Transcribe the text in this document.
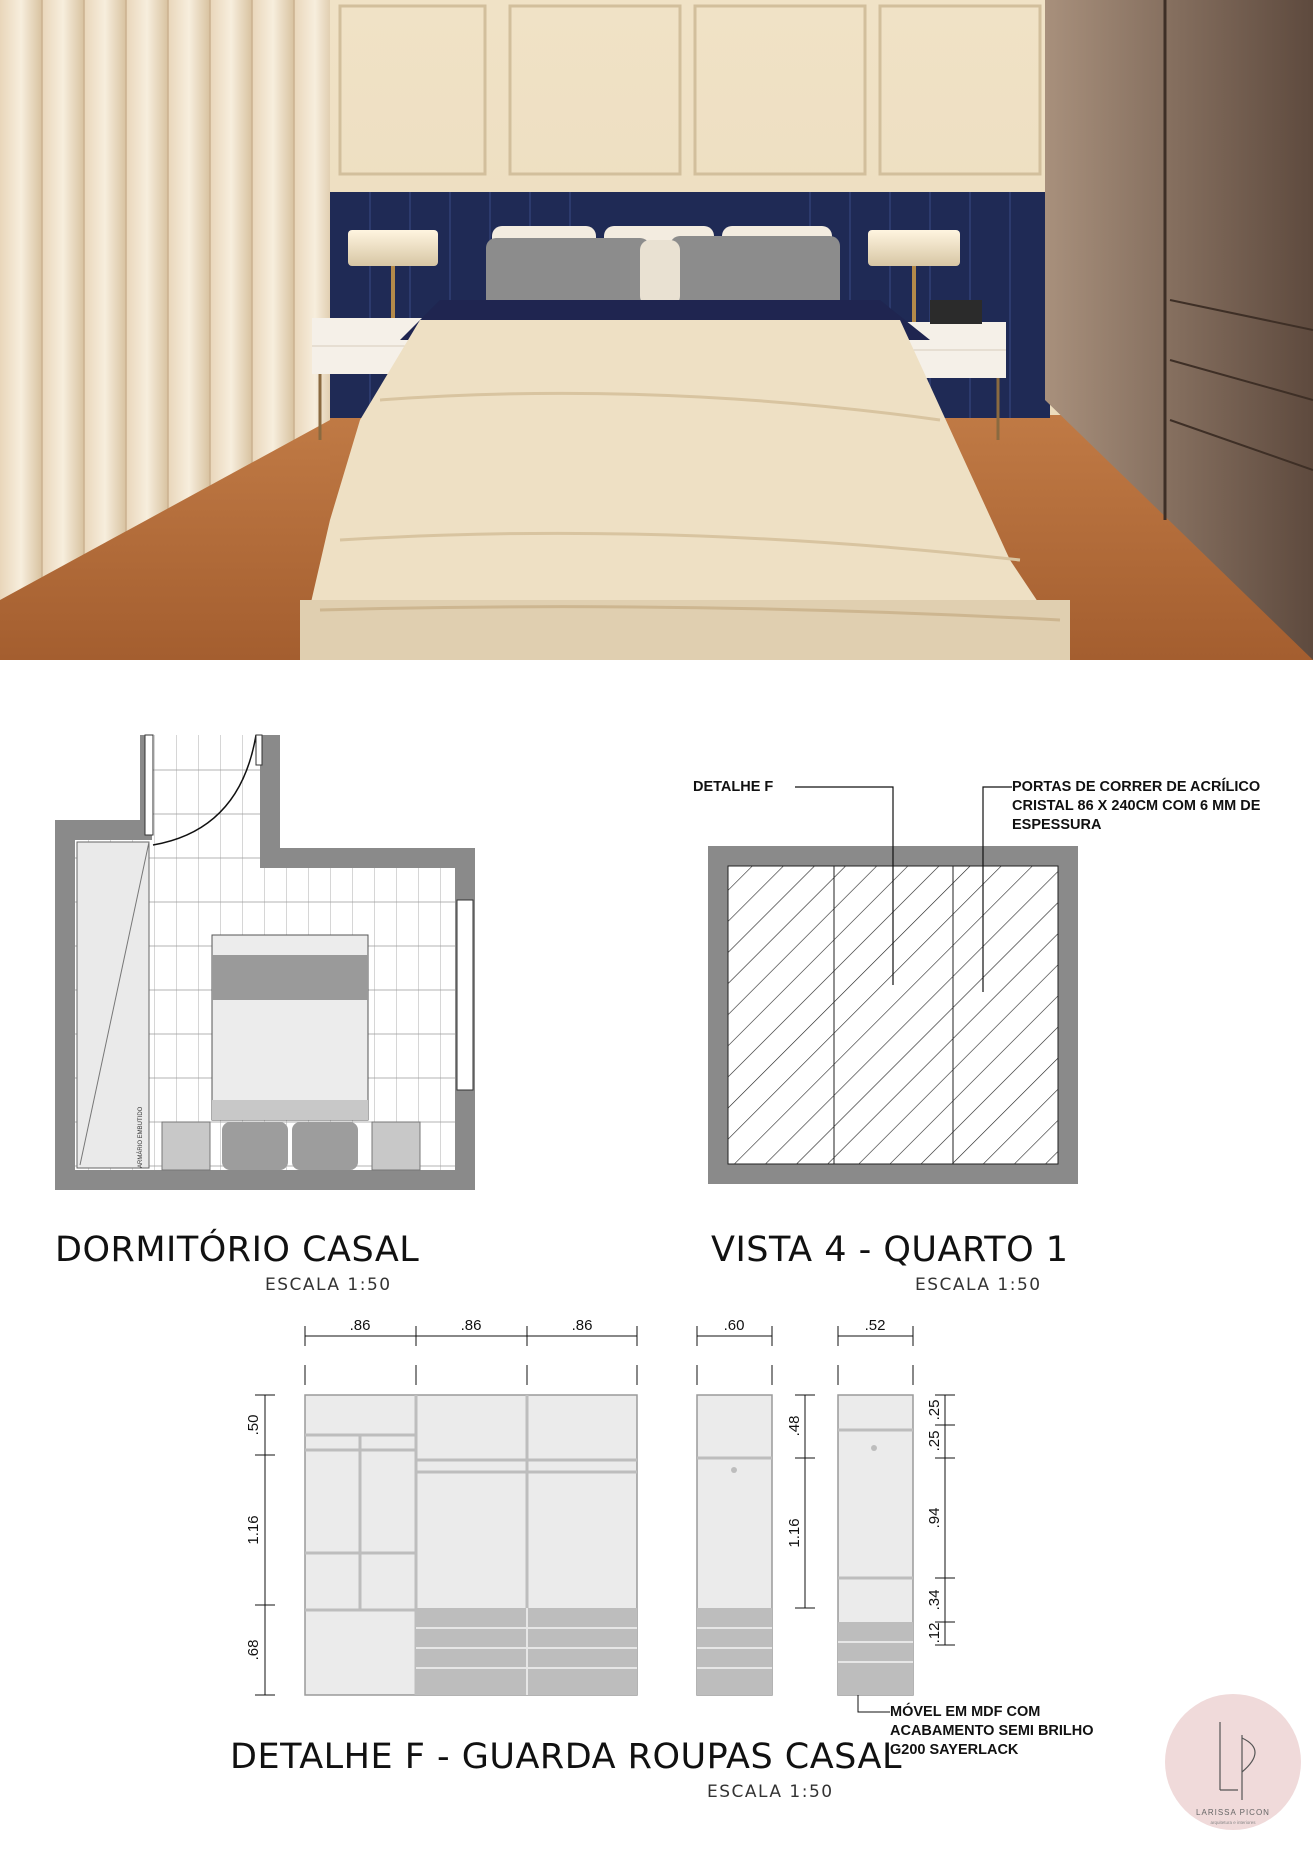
.86	.86	.86	.60	.52
.50
1.16
.68
.48
1.16
.25
.25
.94
.34
.12
ARMÁRIO EMBUTIDO
LARISSA PICON
arquitetura e interiores
DORMITÓRIO CASAL
ESCALA 1:50
VISTA 4 - QUARTO 1
ESCALA 1:50
DETALHE F	PORTAS DE CORRER DE ACRÍLICO
CRISTAL 86 X 240CM COM 6 MM DE
ESPESSURA
DETALHE F - GUARDA ROUPAS CASAL
ESCALA 1:50
MÓVEL EM MDF COM
ACABAMENTO SEMI BRILHO
G200 SAYERLACK
